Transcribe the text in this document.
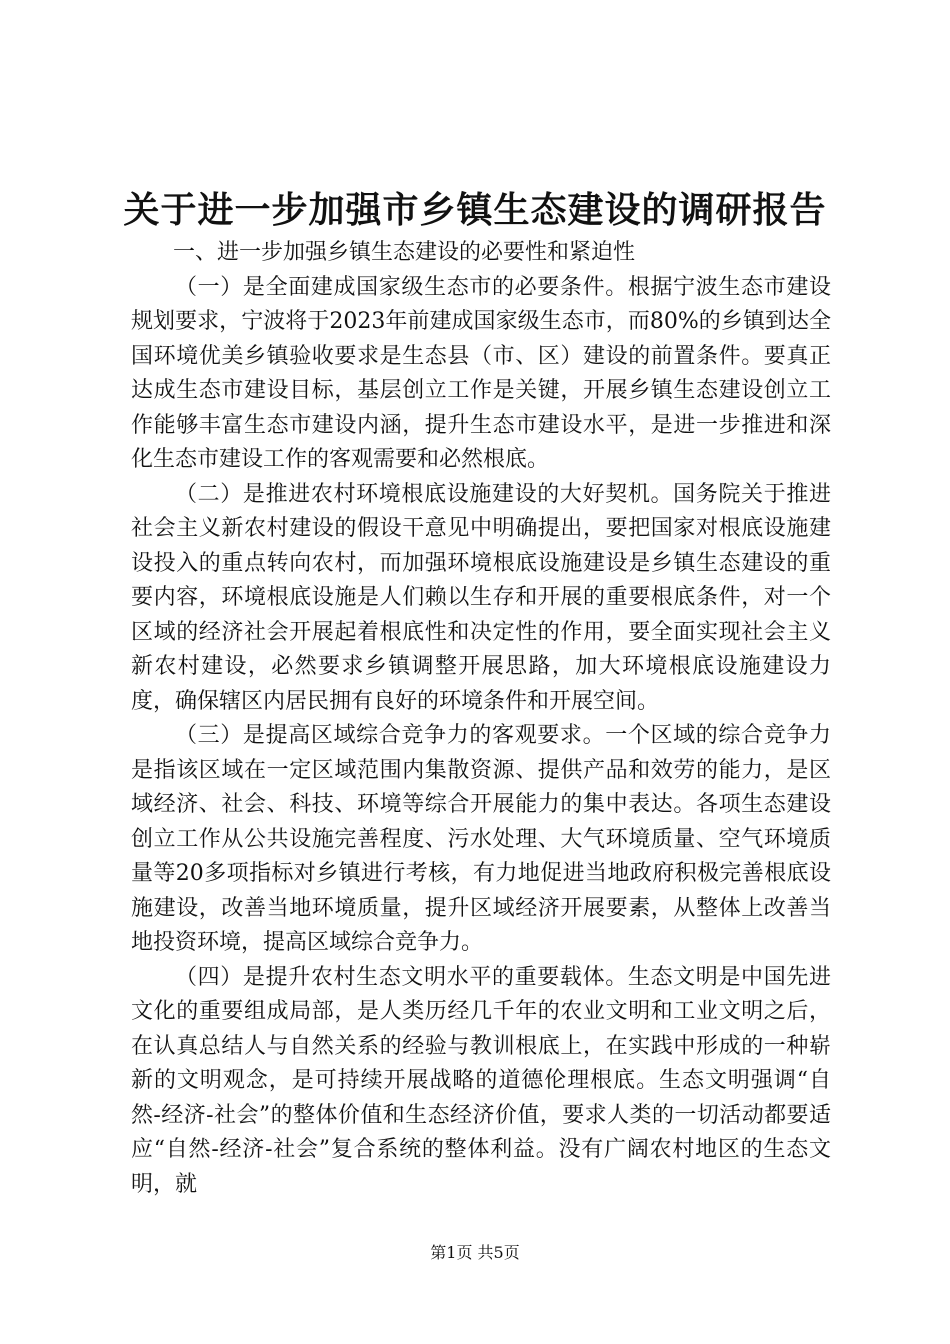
关于进一步加强市乡镇生态建设的调研报告

一、进一步加强乡镇生态建设的必要性和紧迫性

（一）是全面建成国家级生态市的必要条件。根据宁波生态市建设规划要求，宁波将于2023年前建成国家级生态市，而80%的乡镇到达全国环境优美乡镇验收要求是生态县（市、区）建设的前置条件。要真正达成生态市建设目标，基层创立工作是关键，开展乡镇生态建设创立工作能够丰富生态市建设内涵，提升生态市建设水平，是进一步推进和深化生态市建设工作的客观需要和必然根底。

（二）是推进农村环境根底设施建设的大好契机。国务院关于推进社会主义新农村建设的假设干意见中明确提出，要把国家对根底设施建设投入的重点转向农村，而加强环境根底设施建设是乡镇生态建设的重要内容，环境根底设施是人们赖以生存和开展的重要根底条件，对一个区域的经济社会开展起着根底性和决定性的作用，要全面实现社会主义新农村建设，必然要求乡镇调整开展思路，加大环境根底设施建设力度，确保辖区内居民拥有良好的环境条件和开展空间。

（三）是提高区域综合竞争力的客观要求。一个区域的综合竞争力是指该区域在一定区域范围内集散资源、提供产品和效劳的能力，是区域经济、社会、科技、环境等综合开展能力的集中表达。各项生态建设创立工作从公共设施完善程度、污水处理、大气环境质量、空气环境质量等20多项指标对乡镇进行考核，有力地促进当地政府积极完善根底设施建设，改善当地环境质量，提升区域经济开展要素，从整体上改善当地投资环境，提高区域综合竞争力。

（四）是提升农村生态文明水平的重要载体。生态文明是中国先进文化的重要组成局部，是人类历经几千年的农业文明和工业文明之后，在认真总结人与自然关系的经验与教训根底上，在实践中形成的一种崭新的文明观念，是可持续开展战略的道德伦理根底。生态文明强调“自然-经济-社会”的整体价值和生态经济价值，要求人类的一切活动都要适应“自然-经济-社会”复合系统的整体利益。没有广阔农村地区的生态文明，就

第1页 共5页
